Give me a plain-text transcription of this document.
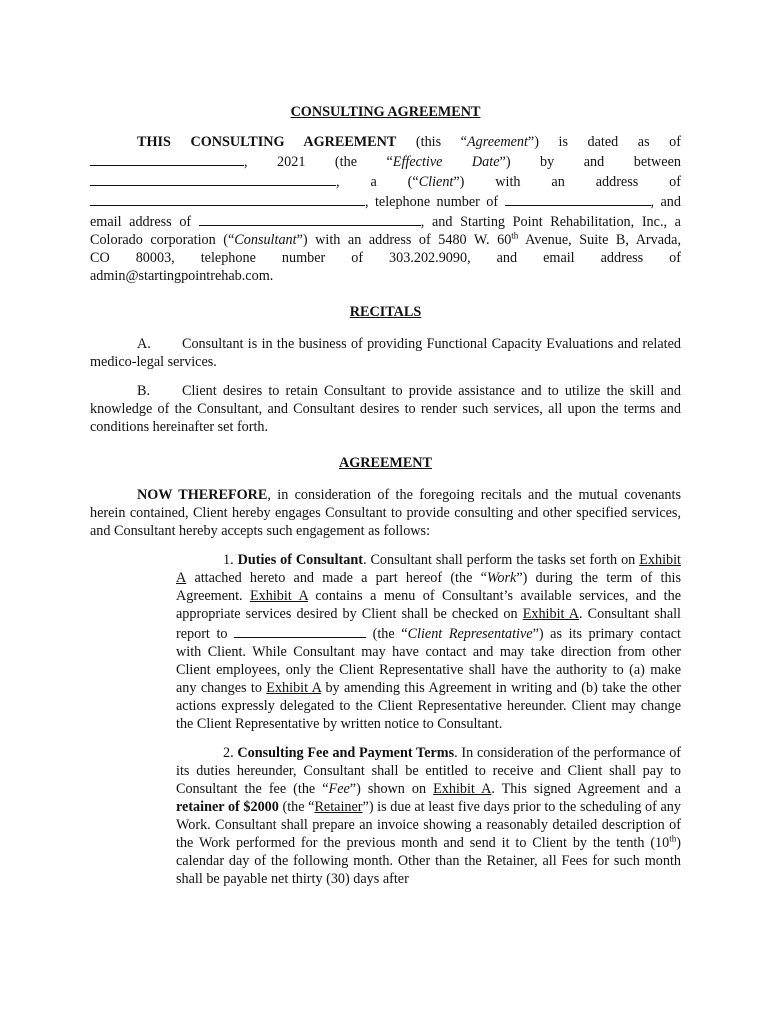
CONSULTING AGREEMENT
THIS CONSULTING AGREEMENT (this “Agreement”) is dated as of
, 2021 (the “Effective Date”) by and between
, a (“Client”) with an address of
, telephone number of	, and
email address of	, and Starting Point Rehabilitation, Inc., a
Colorado corporation (“Consultant”) with an address of 5480 W. 60th Avenue, Suite B, Arvada,
CO 80003, telephone number of 303.202.9090, and email address of
admin@startingpointrehab.com.
RECITALS

A. Consultant is in the business of providing Functional Capacity Evaluations and related medico-legal services.

B. Client desires to retain Consultant to provide assistance and to utilize the skill and knowledge of the Consultant, and Consultant desires to render such services, all upon the terms and conditions hereinafter set forth.

AGREEMENT

NOW THEREFORE, in consideration of the foregoing recitals and the mutual covenants herein contained, Client hereby engages Consultant to provide consulting and other specified services, and Consultant hereby accepts such engagement as follows:

1. Duties of Consultant. Consultant shall perform the tasks set forth on Exhibit A attached hereto and made a part hereof (the “Work”) during the term of this Agreement. Exhibit A contains a menu of Consultant’s available services, and the appropriate services desired by Client shall be checked on Exhibit A. Consultant shall report to	(the “Client Representative”) as its primary contact with Client. While Consultant may have contact and may take direction from other Client employees, only the Client Representative shall have the authority to (a) make any changes to Exhibit A by amending this Agreement in writing and (b) take the other actions expressly delegated to the Client Representative hereunder. Client may change the Client Representative by written notice to Consultant.

2. Consulting Fee and Payment Terms. In consideration of the performance of its duties hereunder, Consultant shall be entitled to receive and Client shall pay to Consultant the fee (the “Fee”) shown on Exhibit A. This signed Agreement and a retainer of $2000 (the “Retainer”) is due at least five days prior to the scheduling of any Work. Consultant shall prepare an invoice showing a reasonably detailed description of the Work performed for the previous month and send it to Client by the tenth (10th) calendar day of the following month. Other than the Retainer, all Fees for such month shall be payable net thirty (30) days after
